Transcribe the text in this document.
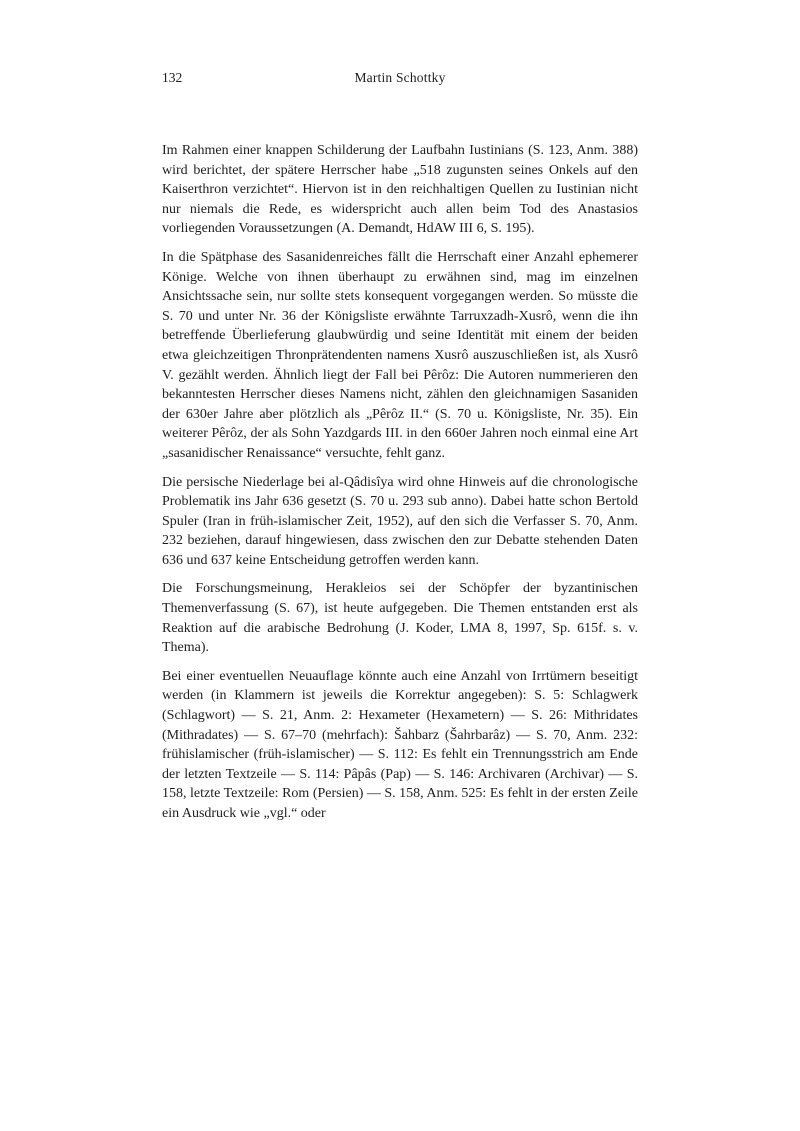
132	Martin Schottky

Im Rahmen einer knappen Schilderung der Laufbahn Iustinians (S. 123, Anm. 388) wird berichtet, der spätere Herrscher habe „518 zugunsten seines Onkels auf den Kaiserthron verzichtet“. Hiervon ist in den reichhaltigen Quellen zu Iustinian nicht nur niemals die Rede, es widerspricht auch allen beim Tod des Anastasios vorliegenden Voraussetzungen (A. Demandt, HdAW III 6, S. 195).

In die Spätphase des Sasanidenreiches fällt die Herrschaft einer Anzahl ephemerer Könige. Welche von ihnen überhaupt zu erwähnen sind, mag im einzelnen Ansichtssache sein, nur sollte stets konsequent vorgegangen werden. So müsste die S. 70 und unter Nr. 36 der Königsliste erwähnte Tarruxzadh-Xusrô, wenn die ihn betreffende Überlieferung glaubwürdig und seine Identität mit einem der beiden etwa gleichzeitigen Thronprätendenten namens Xusrô auszuschließen ist, als Xusrô V. gezählt werden. Ähnlich liegt der Fall bei Pêrôz: Die Autoren nummerieren den bekanntesten Herrscher dieses Namens nicht, zählen den gleichnamigen Sasaniden der 630er Jahre aber plötzlich als „Pêrôz II.“ (S. 70 u. Königsliste, Nr. 35). Ein weiterer Pêrôz, der als Sohn Yazdgards III. in den 660er Jahren noch einmal eine Art „sasanidischer Renaissance“ versuchte, fehlt ganz.

Die persische Niederlage bei al-Qâdisîya wird ohne Hinweis auf die chronologische Problematik ins Jahr 636 gesetzt (S. 70 u. 293 sub anno). Dabei hatte schon Bertold Spuler (Iran in früh-islamischer Zeit, 1952), auf den sich die Verfasser S. 70, Anm. 232 beziehen, darauf hingewiesen, dass zwischen den zur Debatte stehenden Daten 636 und 637 keine Entscheidung getroffen werden kann.

Die Forschungsmeinung, Herakleios sei der Schöpfer der byzantinischen Themenverfassung (S. 67), ist heute aufgegeben. Die Themen entstanden erst als Reaktion auf die arabische Bedrohung (J. Koder, LMA 8, 1997, Sp. 615f. s. v. Thema).

Bei einer eventuellen Neuauflage könnte auch eine Anzahl von Irrtümern beseitigt werden (in Klammern ist jeweils die Korrektur angegeben): S. 5: Schlagwerk (Schlagwort) — S. 21, Anm. 2: Hexameter (Hexametern) — S. 26: Mithridates (Mithradates) — S. 67–70 (mehrfach): Šahbarz (Šahrbarâz) — S. 70, Anm. 232: frühislamischer (früh-islamischer) — S. 112: Es fehlt ein Trennungsstrich am Ende der letzten Textzeile — S. 114: Pâpâs (Pap) — S. 146: Archivaren (Archivar) — S. 158, letzte Textzeile: Rom (Persien) — S. 158, Anm. 525: Es fehlt in der ersten Zeile ein Ausdruck wie „vgl.“ oder
